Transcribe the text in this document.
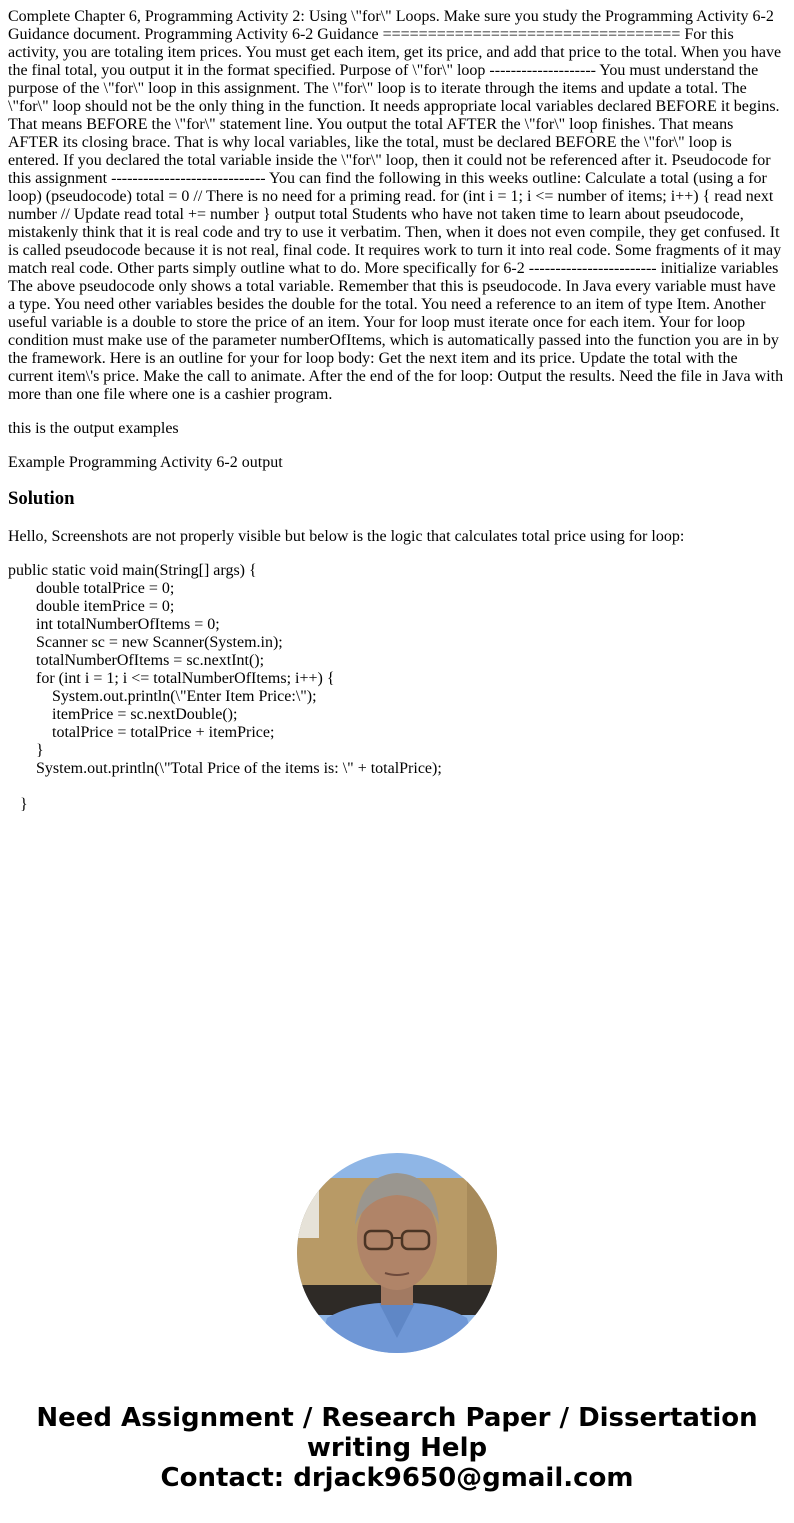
Complete Chapter 6, Programming Activity 2: Using \"for\" Loops. Make sure you study the Programming Activity 6-2 Guidance document. Programming Activity 6-2 Guidance ================================= For this activity, you are totaling item prices. You must get each item, get its price, and add that price to the total. When you have the final total, you output it in the format specified. Purpose of \"for\" loop -------------------- You must understand the purpose of the \"for\" loop in this assignment. The \"for\" loop is to iterate through the items and update a total. The \"for\" loop should not be the only thing in the function. It needs appropriate local variables declared BEFORE it begins. That means BEFORE the \"for\" statement line. You output the total AFTER the \"for\" loop finishes. That means AFTER its closing brace. That is why local variables, like the total, must be declared BEFORE the \"for\" loop is entered. If you declared the total variable inside the \"for\" loop, then it could not be referenced after it. Pseudocode for this assignment ----------------------------- You can find the following in this weeks outline: Calculate a total (using a for loop) (pseudocode) total = 0 // There is no need for a priming read. for (int i = 1; i <= number of items; i++) { read next number // Update read total += number } output total Students who have not taken time to learn about pseudocode, mistakenly think that it is real code and try to use it verbatim. Then, when it does not even compile, they get confused. It is called pseudocode because it is not real, final code. It requires work to turn it into real code. Some fragments of it may match real code. Other parts simply outline what to do. More specifically for 6-2 ------------------------ initialize variables The above pseudocode only shows a total variable. Remember that this is pseudocode. In Java every variable must have a type. You need other variables besides the double for the total. You need a reference to an item of type Item. Another useful variable is a double to store the price of an item. Your for loop must iterate once for each item. Your for loop condition must make use of the parameter numberOfItems, which is automatically passed into the function you are in by the framework. Here is an outline for your for loop body: Get the next item and its price. Update the total with the current item\'s price. Make the call to animate. After the end of the for loop: Output the results. Need the file in Java with more than one file where one is a cashier program.

this is the output examples

Example Programming Activity 6-2 output

Solution

Hello, Screenshots are not properly visible but below is the logic that calculates total price using for loop:

public static void main(String[] args) {
double totalPrice = 0;
double itemPrice = 0;
int totalNumberOfItems = 0;
Scanner sc = new Scanner(System.in);
totalNumberOfItems = sc.nextInt();
for (int i = 1; i <= totalNumberOfItems; i++) {
System.out.println(\"Enter Item Price:\");
itemPrice = sc.nextDouble();
totalPrice = totalPrice + itemPrice;
}
System.out.println(\"Total Price of the items is: \" + totalPrice);
}
Need Assignment / Research Paper / Dissertation
writing Help
Contact: drjack9650@gmail.com
